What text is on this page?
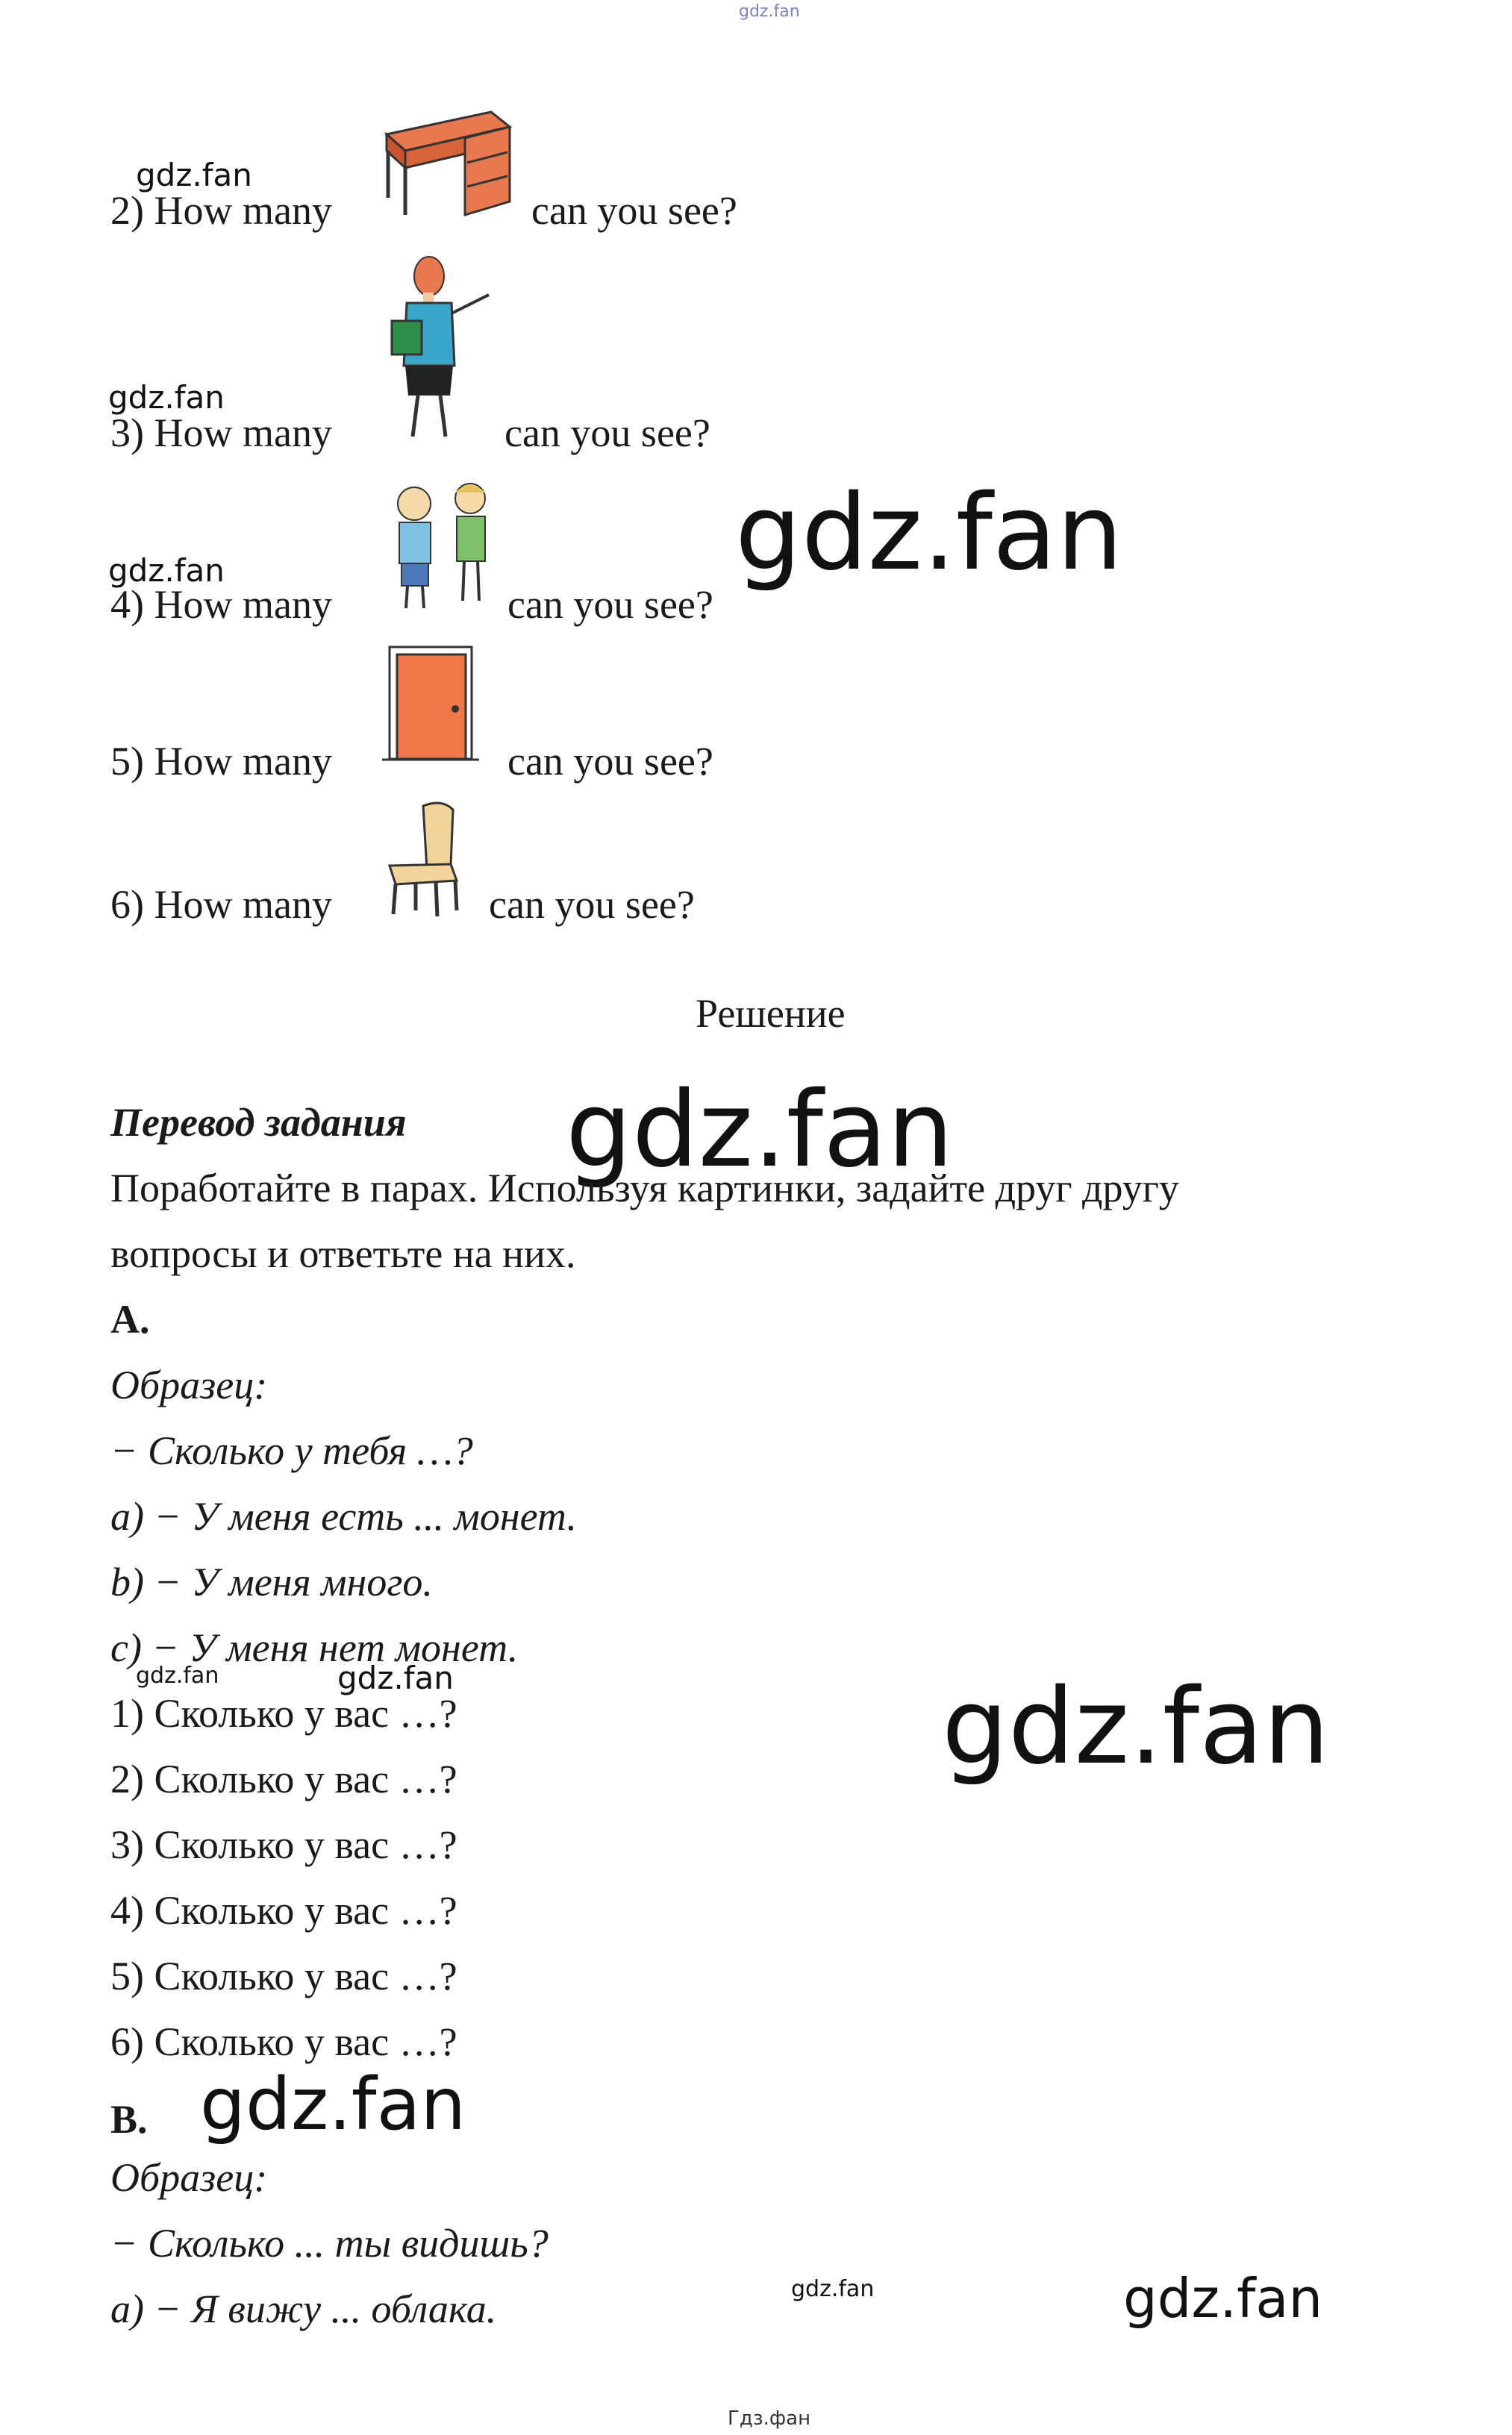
gdz.fan
gdz.fan
2) How many	can you see?
gdz.fan
3) How many	can you see?
gdz.fan
4) How many	can you see?
gdz.fan
5) How many	can you see?
6) How many	can you see?
Решение
Перевод задания gdz.fan
Поработайте в парах. Используя картинки, задайте друг другу
вопросы и ответьте на них.
A.
Образец:
− Сколько у тебя …?
a) − У меня есть ... монет.
b) − У меня много.
c) − У меня нет монет.
gdz.fan	gdz.fan
1) Сколько у вас …?
2) Сколько у вас …?
3) Сколько у вас …?
4) Сколько у вас …?
5) Сколько у вас …?
6) Сколько у вас …?
gdz.fan
B. gdz.fan
Образец:
− Сколько ... ты видишь?
a) − Я вижу ... облака.	gdz.fan	gdz.fan
Гдз.фан
